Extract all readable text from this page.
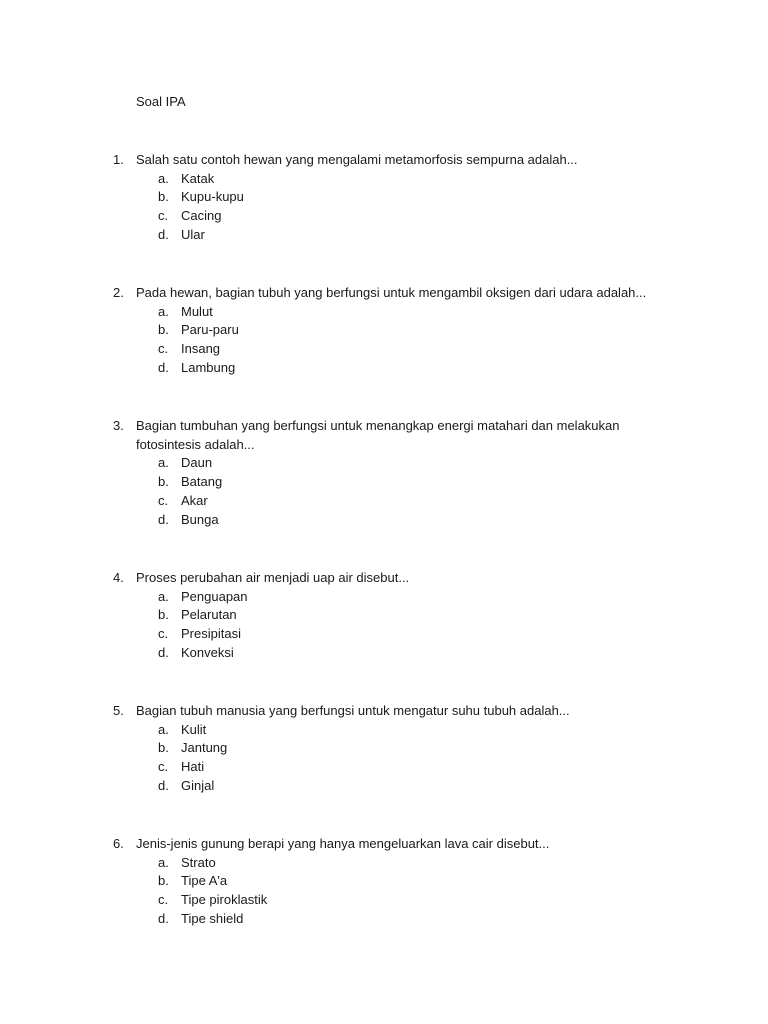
Soal IPA
1. Salah satu contoh hewan yang mengalami metamorfosis sempurna adalah...
a. Katak
b. Kupu-kupu
c. Cacing
d. Ular
2. Pada hewan, bagian tubuh yang berfungsi untuk mengambil oksigen dari udara adalah...
a. Mulut
b. Paru-paru
c. Insang
d. Lambung
3. Bagian tumbuhan yang berfungsi untuk menangkap energi matahari dan melakukan fotosintesis adalah...
a. Daun
b. Batang
c. Akar
d. Bunga
4. Proses perubahan air menjadi uap air disebut...
a. Penguapan
b. Pelarutan
c. Presipitasi
d. Konveksi
5. Bagian tubuh manusia yang berfungsi untuk mengatur suhu tubuh adalah...
a. Kulit
b. Jantung
c. Hati
d. Ginjal
6. Jenis-jenis gunung berapi yang hanya mengeluarkan lava cair disebut...
a. Strato
b. Tipe A'a
c. Tipe piroklastik
d. Tipe shield
